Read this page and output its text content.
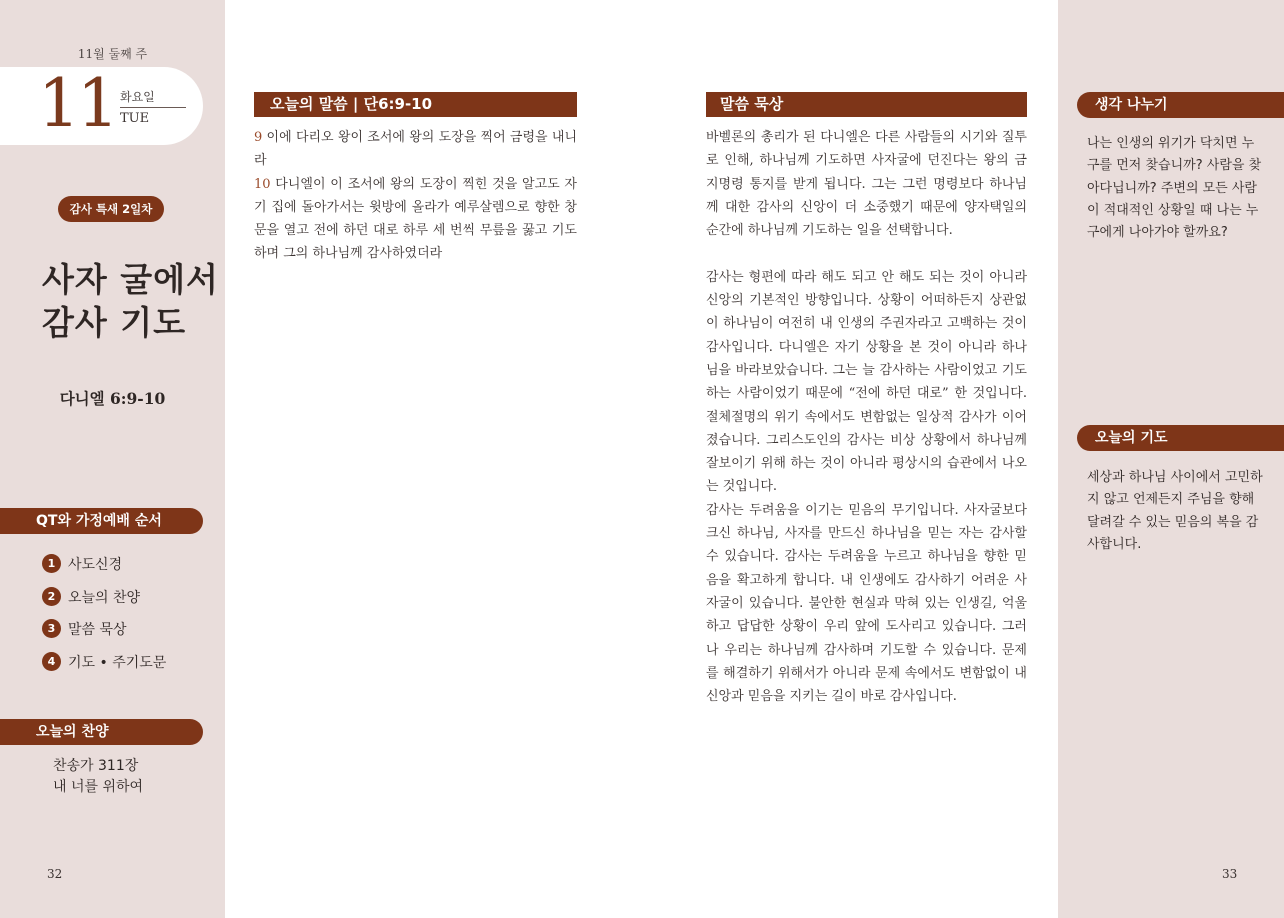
11월 둘째 주
11 화요일
TUE
감사 특새 2일차
사자 굴에서
감사 기도
다니엘 6:9-10
QT와 가정예배 순서
1 사도신경
2 오늘의 찬양
3 말씀 묵상
4 기도 • 주기도문
오늘의 찬양
찬송가 311장
내 너를 위하여
32
오늘의 말씀 | 단6:9-10
9 이에 다리오 왕이 조서에 왕의 도장을 찍어 금령을 내니라
10 다니엘이 이 조서에 왕의 도장이 찍힌 것을 알고도 자기 집에 돌아가서는 윗방에 올라가 예루살렘으로 향한 창문을 열고 전에 하던 대로 하루 세 번씩 무릎을 꿇고 기도하며 그의 하나님께 감사하였더라
말씀 묵상

바벨론의 총리가 된 다니엘은 다른 사람들의 시기와 질투로 인해, 하나님께 기도하면 사자굴에 던진다는 왕의 금지명령 통지를 받게 됩니다. 그는 그런 명령보다 하나님께 대한 감사의 신앙이 더 소중했기 때문에 양자택일의 순간에 하나님께 기도하는 일을 선택합니다.

감사는 형편에 따라 해도 되고 안 해도 되는 것이 아니라 신앙의 기본적인 방향입니다. 상황이 어떠하든지 상관없이 하나님이 여전히 내 인생의 주권자라고 고백하는 것이 감사입니다. 다니엘은 자기 상황을 본 것이 아니라 하나님을 바라보았습니다. 그는 늘 감사하는 사람이었고 기도하는 사람이었기 때문에 “전에 하던 대로” 한 것입니다. 절체절명의 위기 속에서도 변함없는 일상적 감사가 이어졌습니다. 그리스도인의 감사는 비상 상황에서 하나님께 잘보이기 위해 하는 것이 아니라 평상시의 습관에서 나오는 것입니다.

감사는 두려움을 이기는 믿음의 무기입니다. 사자굴보다 크신 하나님, 사자를 만드신 하나님을 믿는 자는 감사할 수 있습니다. 감사는 두려움을 누르고 하나님을 향한 믿음을 확고하게 합니다. 내 인생에도 감사하기 어려운 사자굴이 있습니다. 불안한 현실과 막혀 있는 인생길, 억울하고 답답한 상황이 우리 앞에 도사리고 있습니다. 그러나 우리는 하나님께 감사하며 기도할 수 있습니다. 문제를 해결하기 위해서가 아니라 문제 속에서도 변함없이 내 신앙과 믿음을 지키는 길이 바로 감사입니다.

생각 나누기
나는 인생의 위기가 닥치면 누구를 먼저 찾습니까? 사람을 찾아다닙니까? 주변의 모든 사람이 적대적인 상황일 때 나는 누구에게 나아가야 할까요?
오늘의 기도
세상과 하나님 사이에서 고민하지 않고 언제든지 주님을 향해 달려갈 수 있는 믿음의 복을 감사합니다.
33
